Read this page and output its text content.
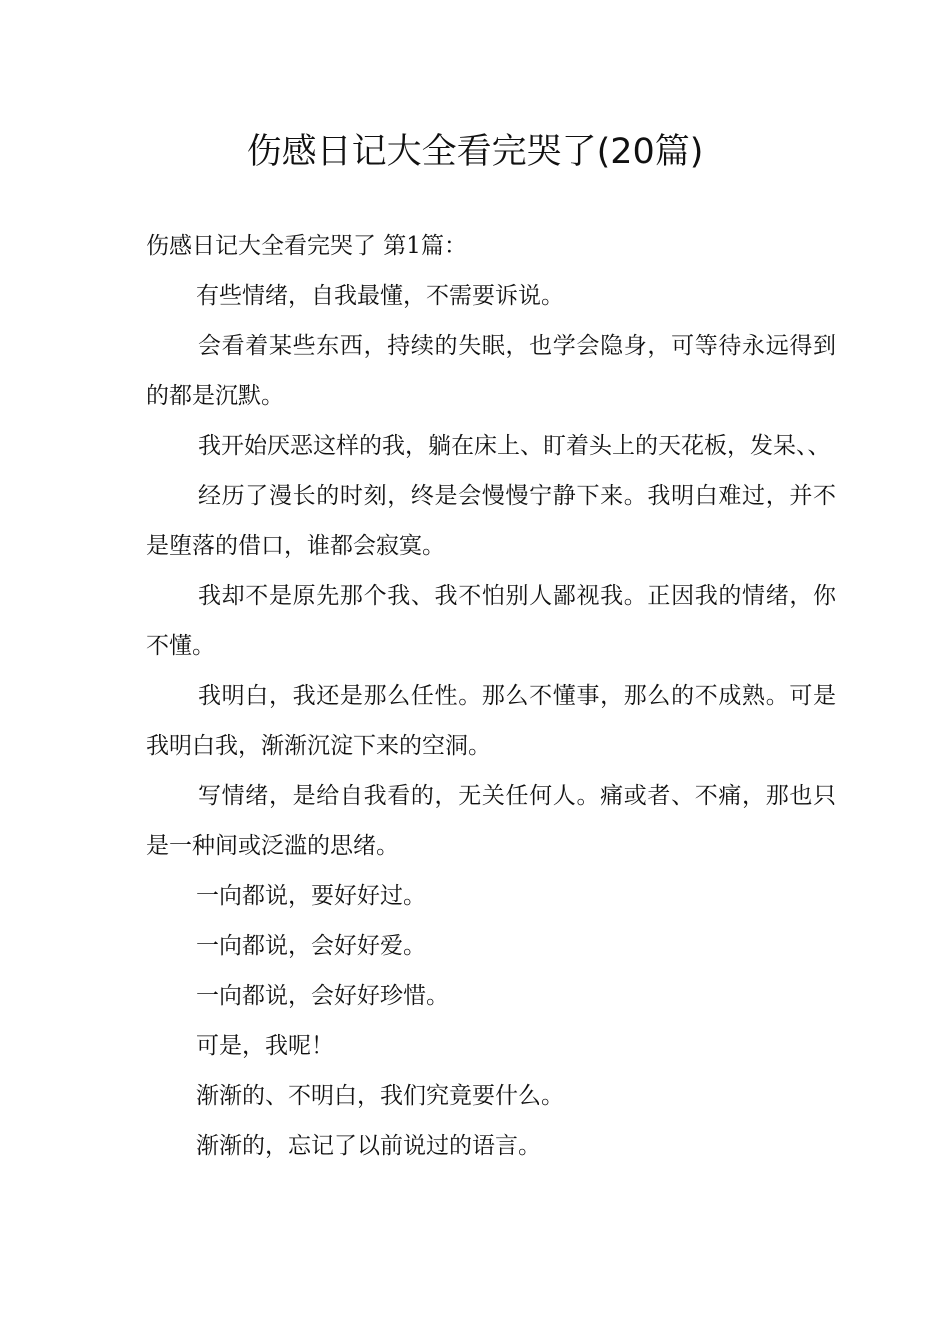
伤感日记大全看完哭了(20篇)

伤感日记大全看完哭了 第1篇：

有些情绪，自我最懂，不需要诉说。

会看着某些东西，持续的失眠，也学会隐身，可等待永远得到的都是沉默。

我开始厌恶这样的我，躺在床上、盯着头上的天花板，发呆、、

经历了漫长的时刻，终是会慢慢宁静下来。我明白难过，并不是堕落的借口，谁都会寂寞。

我却不是原先那个我、我不怕别人鄙视我。正因我的情绪，你不懂。

我明白，我还是那么任性。那么不懂事，那么的不成熟。可是我明白我，渐渐沉淀下来的空洞。

写情绪，是给自我看的，无关任何人。痛或者、不痛，那也只是一种间或泛滥的思绪。

一向都说，要好好过。

一向都说，会好好爱。

一向都说，会好好珍惜。

可是，我呢！

渐渐的、不明白，我们究竟要什么。

渐渐的，忘记了以前说过的语言。
